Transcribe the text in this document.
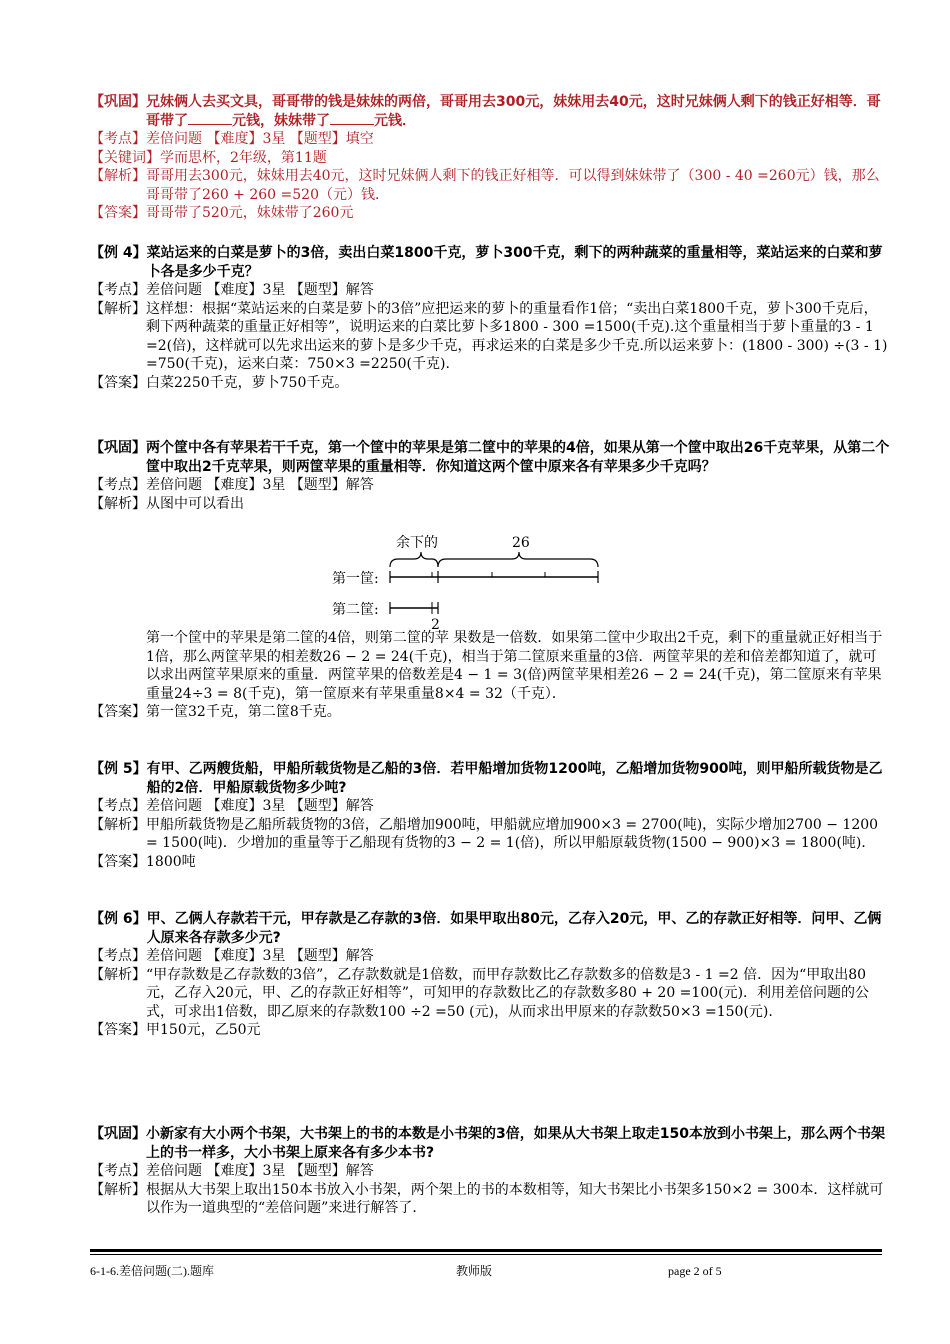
【巩固】 兄妹俩人去买文具，哥哥带的钱是妹妹的两倍，哥哥用去300元，妹妹用去40元，这时兄妹俩人剩下的钱正好相等．哥哥带了	元钱，妹妹带了	元钱．
【考点】 差倍问题 【难度】3星 【题型】填空
【关键词】 学而思杯，2年级，第11题
【解析】 哥哥用去300元，妹妹用去40元，这时兄妹俩人剩下的钱正好相等．可以得到妹妹带了（300 - 40 =260元）钱，那么哥哥带了260 + 260 =520（元）钱．
【答案】 哥哥带了520元，妹妹带了260元
【例 4】 菜站运来的白菜是萝卜的3倍，卖出白菜1800千克，萝卜300千克，剩下的两种蔬菜的重量相等，菜站运来的白菜和萝卜各是多少千克？
【考点】 差倍问题 【难度】3星 【题型】解答
【解析】 这样想：根据“菜站运来的白菜是萝卜的3倍”应把运来的萝卜的重量看作1倍；“卖出白菜1800千克，萝卜300千克后，剩下两种蔬菜的重量正好相等”，说明运来的白菜比萝卜多1800 - 300 =1500(千克).这个重量相当于萝卜重量的3 - 1 =2(倍)，这样就可以先求出运来的萝卜是多少千克，再求运来的白菜是多少千克.所以运来萝卜：(1800 - 300) ÷(3 - 1) =750(千克)，运来白菜：750×3 =2250(千克).
【答案】 白菜2250千克，萝卜750千克。
【巩固】 两个筐中各有苹果若干千克，第一个筐中的苹果是第二筐中的苹果的4倍，如果从第一个筐中取出26千克苹果，从第二个筐中取出2千克苹果，则两筐苹果的重量相等．你知道这两个筐中原来各有苹果多少千克吗？
【考点】 差倍问题 【难度】3星 【题型】解答
【解析】 从图中可以看出
余下的	26
第一筐:
第二筐:
2
第一个筐中的苹果是第二筐的4倍，则第二筐的苹 果数是一倍数．如果第二筐中少取出2千克，剩下的重量就正好相当于1倍，那么两筐苹果的相差数26 − 2 = 24(千克)，相当于第二筐原来重量的3倍．两筐苹果的差和倍差都知道了，就可以求出两筐苹果原来的重量．两筐苹果的倍数差是4 − 1 = 3(倍)两筐苹果相差26 − 2 = 24(千克)，第二筐原来有苹果重量24÷3 = 8(千克)，第一筐原来有苹果重量8×4 = 32（千克）．
【答案】 第一筐32千克，第二筐8千克。
【例 5】 有甲、乙两艘货船，甲船所载货物是乙船的3倍．若甲船增加货物1200吨，乙船增加货物900吨，则甲船所载货物是乙船的2倍．甲船原载货物多少吨?
【考点】 差倍问题 【难度】3星 【题型】解答
【解析】 甲船所载货物是乙船所载货物的3倍，乙船增加900吨，甲船就应增加900×3 = 2700(吨)，实际少增加2700 − 1200 = 1500(吨)．少增加的重量等于乙船现有货物的3 − 2 = 1(倍)，所以甲船原载货物(1500 − 900)×3 = 1800(吨)．
【答案】 1800吨
【例 6】 甲、乙俩人存款若干元，甲存款是乙存款的3倍．如果甲取出80元，乙存入20元，甲、乙的存款正好相等．问甲、乙俩人原来各存款多少元?
【考点】 差倍问题 【难度】3星 【题型】解答
【解析】 “甲存款数是乙存款数的3倍”，乙存款数就是1倍数，而甲存款数比乙存款数多的倍数是3 - 1 =2 倍．因为“甲取出80元，乙存入20元，甲、乙的存款正好相等”，可知甲的存款数比乙的存款数多80 + 20 =100(元)．利用差倍问题的公式，可求出1倍数，即乙原来的存款数100 ÷2 =50 (元)，从而求出甲原来的存款数50×3 =150(元).
【答案】 甲150元，乙50元
【巩固】 小新家有大小两个书架，大书架上的书的本数是小书架的3倍，如果从大书架上取走150本放到小书架上，那么两个书架上的书一样多，大小书架上原来各有多少本书?
【考点】 差倍问题 【难度】3星 【题型】解答
【解析】 根据从大书架上取出150本书放入小书架，两个架上的书的本数相等，知大书架比小书架多150×2 = 300本．这样就可以作为一道典型的“差倍问题”来进行解答了．
6-1-6.差倍问题(二).题库	教师版	page 2 of 5
